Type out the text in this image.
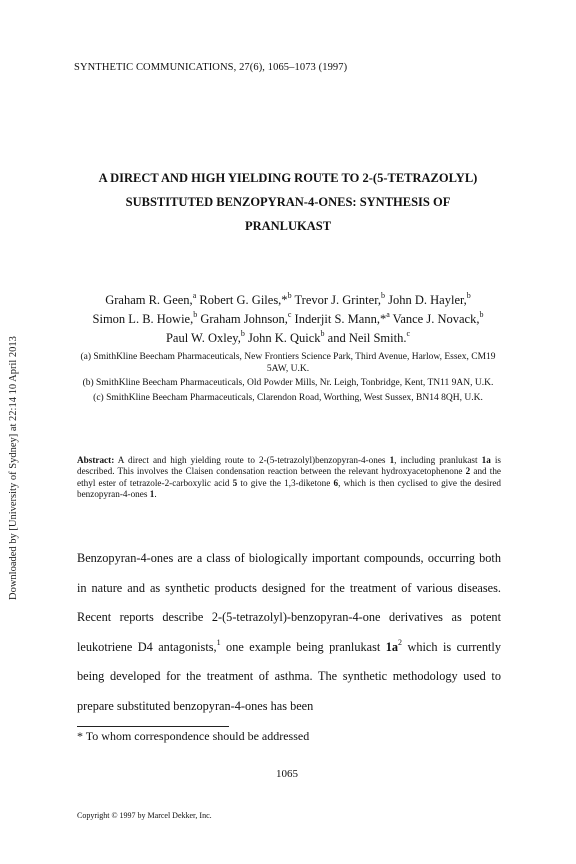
SYNTHETIC COMMUNICATIONS, 27(6), 1065–1073 (1997)
Downloaded by [University of Sydney] at 22:14 10 April 2013
A DIRECT AND HIGH YIELDING ROUTE TO 2-(5-TETRAZOLYL)
SUBSTITUTED BENZOPYRAN-4-ONES: SYNTHESIS OF
PRANLUKAST
Graham R. Geen,$^a$ Robert G. Giles,*$^b$ Trevor J. Grinter,$^b$ John D. Hayler,$^b$
Simon L. B. Howie,$^b$ Graham Johnson,$^c$ Inderjit S. Mann,*$^a$ Vance J. Novack,$^b$
Paul W. Oxley,$^b$ John K. Quick$^b$ and Neil Smith.$^c$

(a) SmithKline Beecham Pharmaceuticals, New Frontiers Science Park, Third Avenue, Harlow, Essex, CM19 5AW, U.K.

(b) SmithKline Beecham Pharmaceuticals, Old Powder Mills, Nr. Leigh, Tonbridge, Kent, TN11 9AN, U.K.

(c) SmithKline Beecham Pharmaceuticals, Clarendon Road, Worthing, West Sussex, BN14 8QH, U.K.

Abstract: A direct and high yielding route to 2-(5-tetrazolyl)benzopyran-4-ones 1, including pranlukast 1a is described. This involves the Claisen condensation reaction between the relevant hydroxyacetophenone 2 and the ethyl ester of tetrazole-2-carboxylic acid 5 to give the 1,3-diketone 6, which is then cyclised to give the desired benzopyran-4-ones 1.

Benzopyran-4-ones are a class of biologically important compounds, occurring both in nature and as synthetic products designed for the treatment of various diseases. Recent reports describe 2-(5-tetrazolyl)-benzopyran-4-one derivatives as potent leukotriene D4 antagonists,$^1$ one example being pranlukast $1a^2$ which is currently being developed for the treatment of asthma. The synthetic methodology used to prepare substituted benzopyran-4-ones has been

* To whom correspondence should be addressed
1065
Copyright © 1997 by Marcel Dekker, Inc.
